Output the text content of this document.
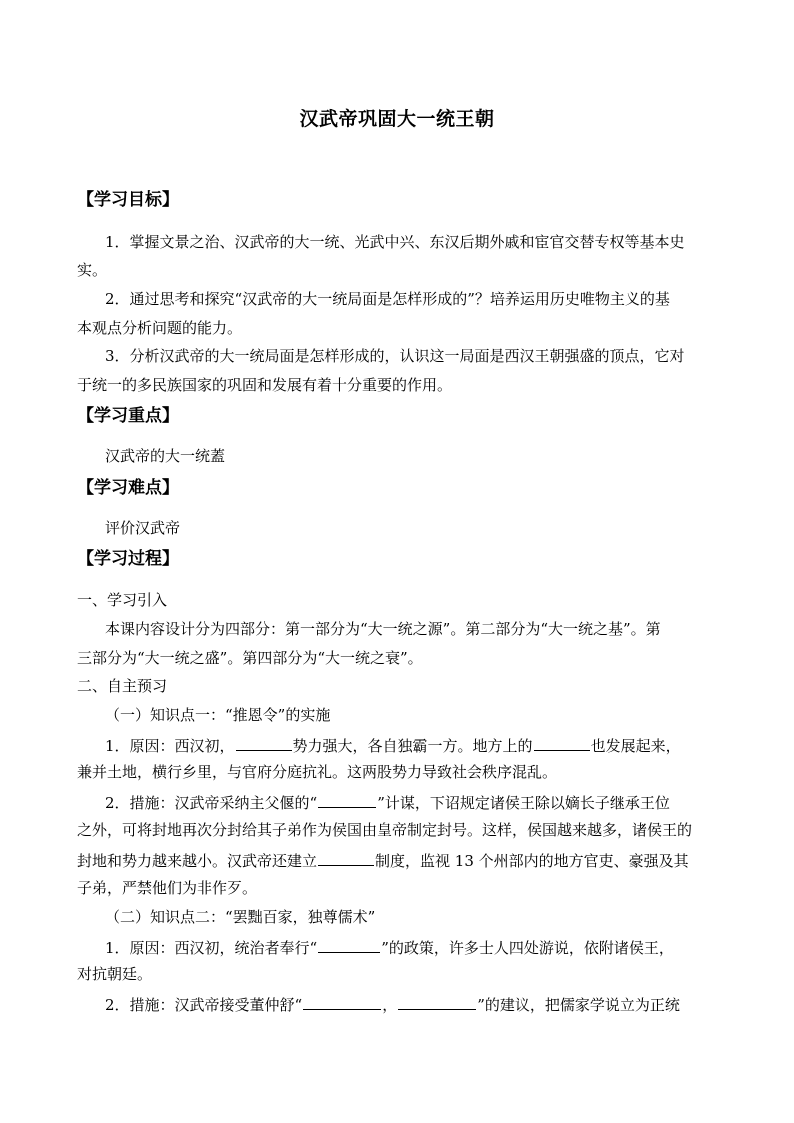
汉武帝巩固大一统王朝
【学习目标】
1．掌握文景之治、汉武帝的大一统、光武中兴、东汉后期外戚和宦官交替专权等基本史
实。
2．通过思考和探究“汉武帝的大一统局面是怎样形成的”？培养运用历史唯物主义的基
本观点分析问题的能力。
3．分析汉武帝的大一统局面是怎样形成的，认识这一局面是西汉王朝强盛的顶点，它对
于统一的多民族国家的巩固和发展有着十分重要的作用。
【学习重点】
汉武帝的大一统蓋
【学习难点】
评价汉武帝
【学习过程】
一、学习引入
本课内容设计分为四部分：第一部分为“大一统之源”。第二部分为“大一统之基”。第
三部分为“大一统之盛”。第四部分为“大一统之衰”。
二、自主预习
（一）知识点一：“推恩令”的实施
1．原因：西汉初，	势力强大，各自独霸一方。地方上的	也发展起来，
兼并土地，横行乡里，与官府分庭抗礼。这两股势力导致社会秩序混乱。
2．措施：汉武帝采纳主父偃的“	”计谋，下诏规定诸侯王除以嫡长子继承王位
之外，可将封地再次分封给其子弟作为侯国由皇帝制定封号。这样，侯国越来越多，诸侯王的
封地和势力越来越小。汉武帝还建立	制度，监视 13 个州部内的地方官吏、豪强及其
子弟，严禁他们为非作歹。
（二）知识点二：“罢黜百家，独尊儒术”
1．原因：西汉初，统治者奉行“	”的政策，许多士人四处游说，依附诸侯王，
对抗朝廷。
2．措施：汉武帝接受董仲舒“	，	”的建议，把儒家学说立为正统
